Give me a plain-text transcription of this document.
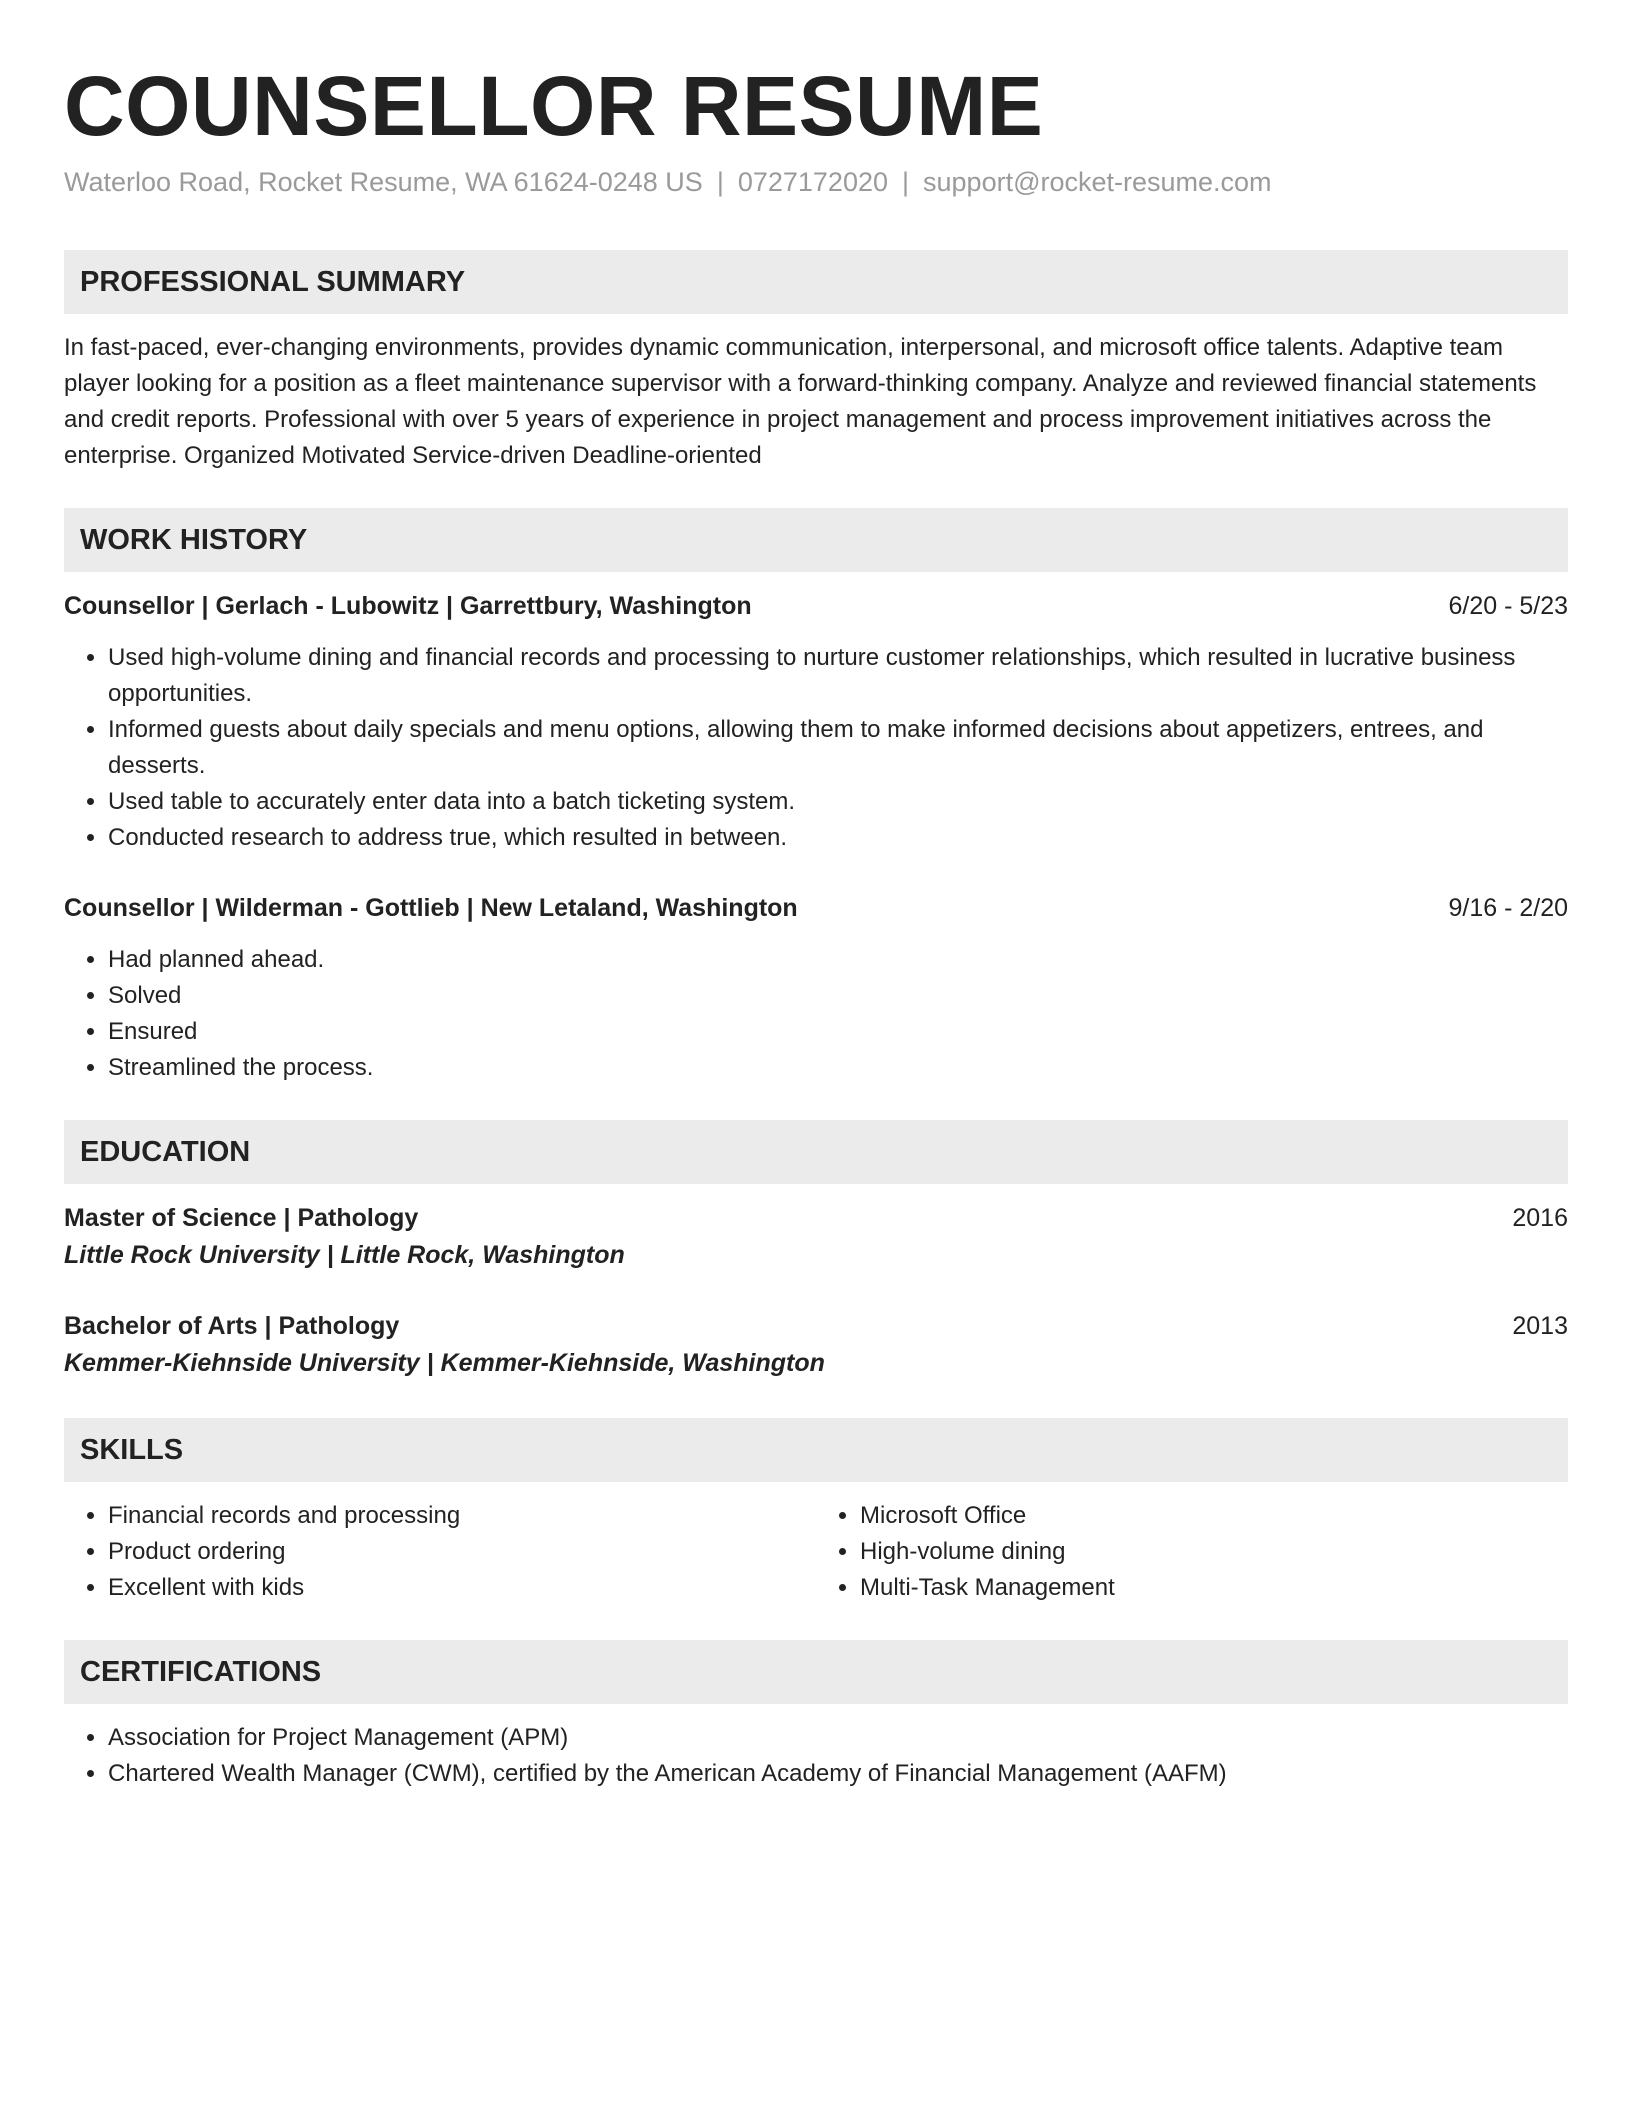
COUNSELLOR RESUME
Waterloo Road, Rocket Resume, WA 61624-0248 US | 0727172020 | support@rocket-resume.com
PROFESSIONAL SUMMARY

In fast-paced, ever-changing environments, provides dynamic communication, interpersonal, and microsoft office talents. Adaptive team player looking for a position as a fleet maintenance supervisor with a forward-thinking company. Analyze and reviewed financial statements and credit reports. Professional with over 5 years of experience in project management and process improvement initiatives across the enterprise. Organized Motivated Service-driven Deadline-oriented

WORK HISTORY
Counsellor | Gerlach - Lubowitz | Garrettbury, Washington	6/20 - 5/23
• Used high-volume dining and financial records and processing to nurture customer relationships, which resulted in lucrative business opportunities.
• Informed guests about daily specials and menu options, allowing them to make informed decisions about appetizers, entrees, and desserts.
• Used table to accurately enter data into a batch ticketing system.
• Conducted research to address true, which resulted in between.
Counsellor | Wilderman - Gottlieb | New Letaland, Washington	9/16 - 2/20
• Had planned ahead.
• Solved
• Ensured
• Streamlined the process.
EDUCATION
Master of Science | Pathology	2016
Little Rock University | Little Rock, Washington
Bachelor of Arts | Pathology	2013
Kemmer-Kiehnside University | Kemmer-Kiehnside, Washington
SKILLS
• Financial records and processing
• Product ordering
• Excellent with kids
• Microsoft Office
• High-volume dining
• Multi-Task Management
CERTIFICATIONS
• Association for Project Management (APM)
• Chartered Wealth Manager (CWM), certified by the American Academy of Financial Management (AAFM)
